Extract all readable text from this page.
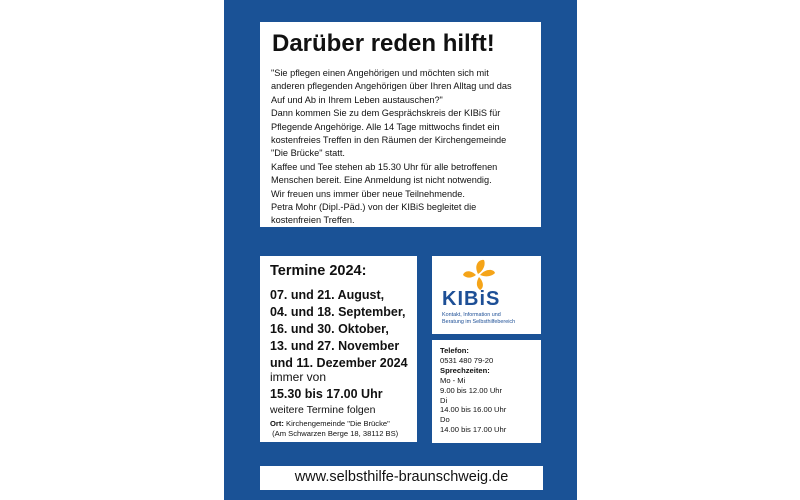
Darüber reden hilft!
"Sie pflegen einen Angehörigen und möchten sich mit
anderen pflegenden Angehörigen über Ihren Alltag und das
Auf und Ab in Ihrem Leben austauschen?"
Dann kommen Sie zu dem Gesprächskreis der KIBiS für
Pflegende Angehörige. Alle 14 Tage mittwochs findet ein
kostenfreies Treffen in den Räumen der Kirchengemeinde
"Die Brücke" statt.
Kaffee und Tee stehen ab 15.30 Uhr für alle betroffenen
Menschen bereit. Eine Anmeldung ist nicht notwendig.
Wir freuen uns immer über neue Teilnehmende.
Petra Mohr (Dipl.-Päd.) von der KIBiS begleitet die
kostenfreien Treffen.
Termine 2024:
07. und 21. August,
04. und 18. September,
16. und 30. Oktober,
13. und 27. November
und 11. Dezember 2024
immer von
15.30 bis 17.00 Uhr
weitere Termine folgen
Ort: Kirchengemeinde "Die Brücke"
(Am Schwarzen Berge 18, 38112 BS)
KIBiS
Kontakt, Information und
Beratung im Selbsthilfebereich
Telefon:
0531 480 79-20
Sprechzeiten:
Mo - Mi
9.00 bis 12.00 Uhr
Di
14.00 bis 16.00 Uhr
Do
14.00 bis 17.00 Uhr
www.selbsthilfe-braunschweig.de
